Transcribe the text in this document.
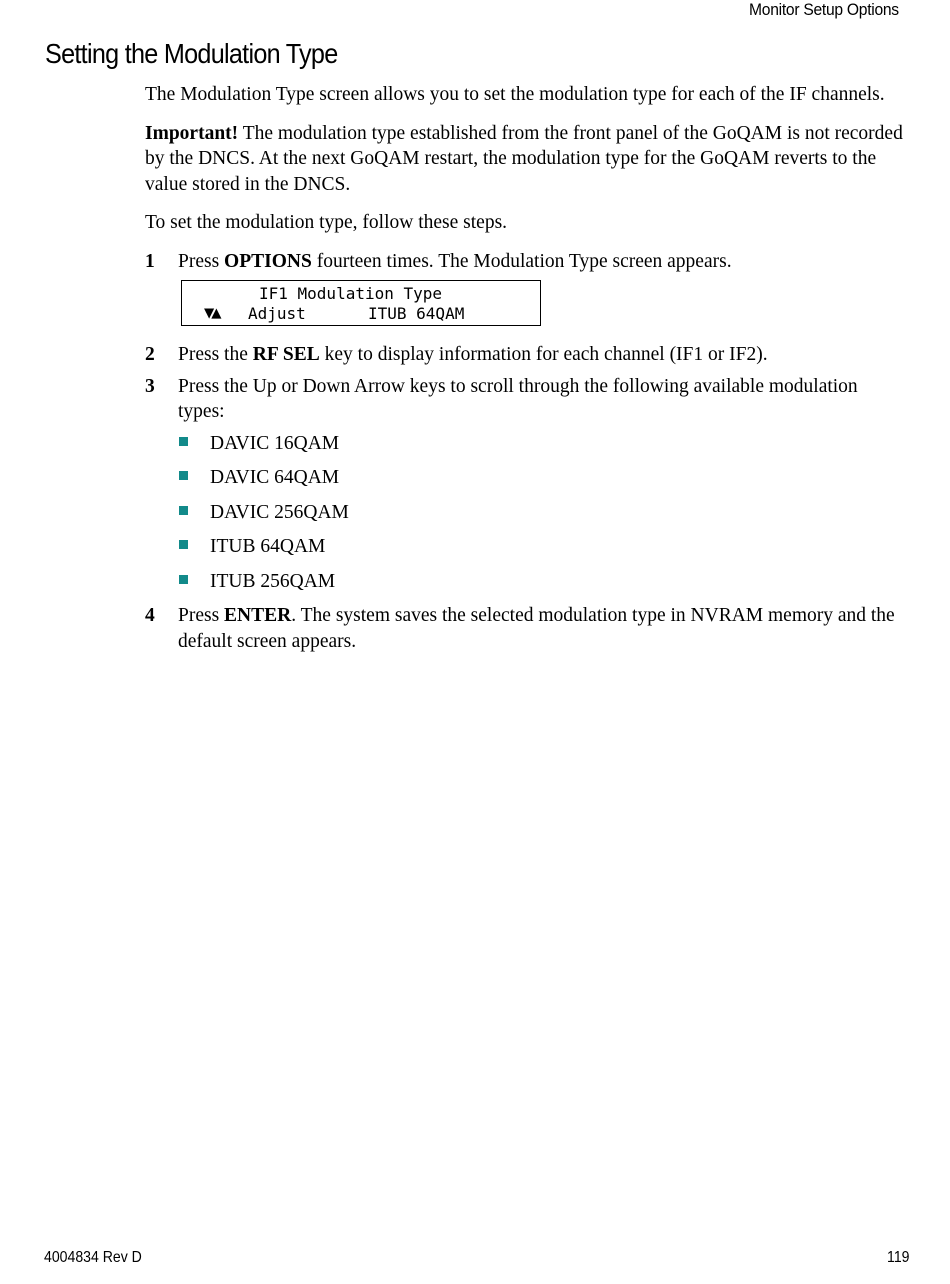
Monitor Setup Options
Setting the Modulation Type

The Modulation Type screen allows you to set the modulation type for each of the IF channels.

Important! The modulation type established from the front panel of the GoQAM is not recorded by the DNCS. At the next GoQAM restart, the modulation type for the GoQAM reverts to the value stored in the DNCS.

To set the modulation type, follow these steps.

1 Press OPTIONS fourteen times. The Modulation Type screen appears.
IF1 Modulation Type
▼▲ Adjust	ITUB 64QAM
2 Press the RF SEL key to display information for each channel (IF1 or IF2).
3 Press the Up or Down Arrow keys to scroll through the following available modulation types:
DAVIC 16QAM
DAVIC 64QAM
DAVIC 256QAM
ITUB 64QAM
ITUB 256QAM
4 Press ENTER. The system saves the selected modulation type in NVRAM memory and the default screen appears.
4004834 Rev D	119
